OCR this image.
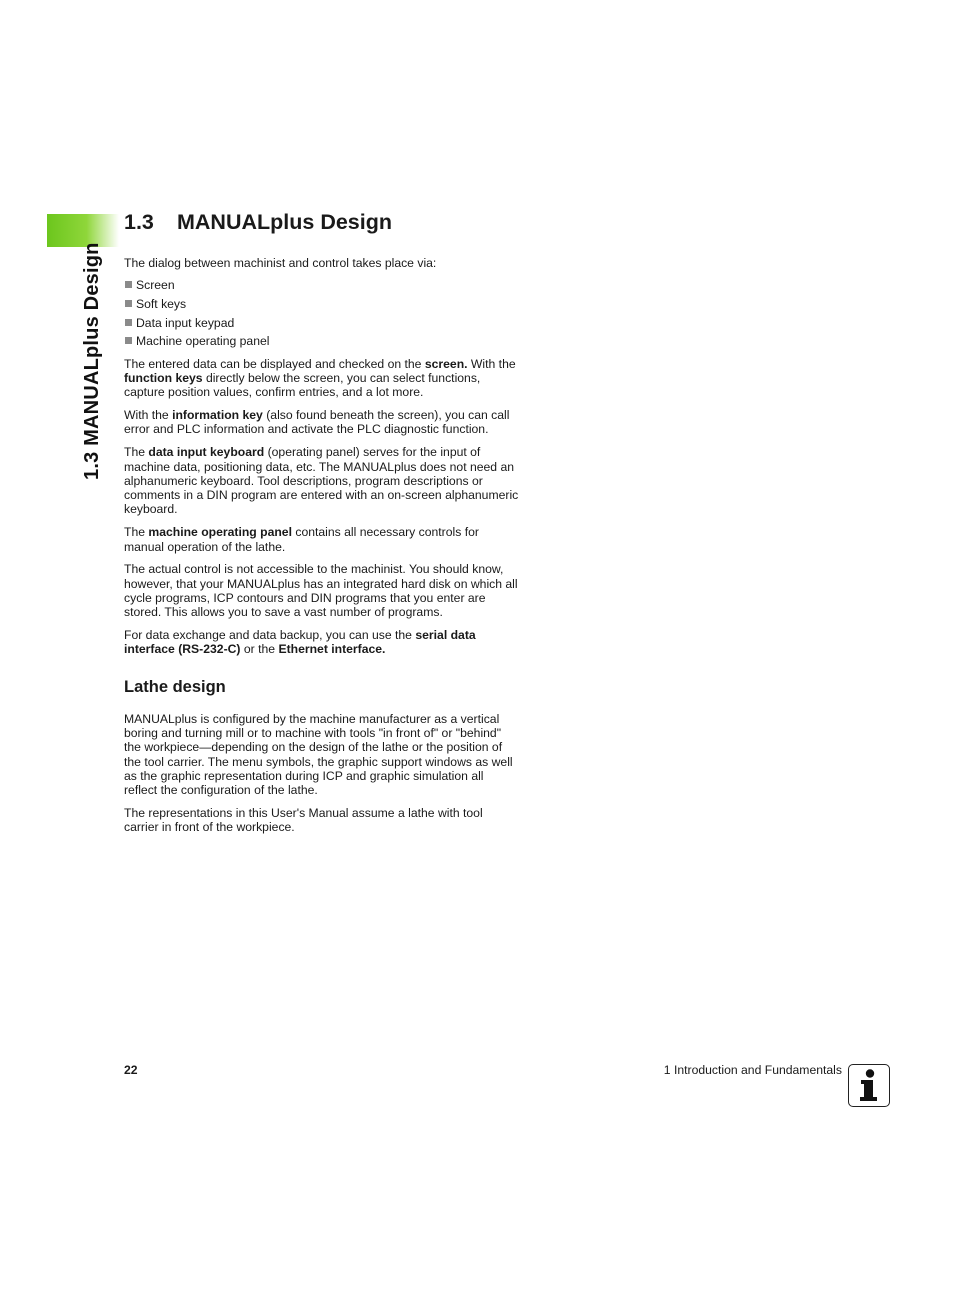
1.3 MANUALplus Design
1.3 MANUALplus Design

The dialog between machinist and control takes place via:

Screen
Soft keys
Data input keypad
Machine operating panel

The entered data can be displayed and checked on the screen. With the function keys directly below the screen, you can select functions, capture position values, confirm entries, and a lot more.

With the information key (also found beneath the screen), you can call error and PLC information and activate the PLC diagnostic function.

The data input keyboard (operating panel) serves for the input of machine data, positioning data, etc. The MANUALplus does not need an alphanumeric keyboard. Tool descriptions, program descriptions or comments in a DIN program are entered with an on-screen alphanumeric keyboard.

The machine operating panel contains all necessary controls for manual operation of the lathe.

The actual control is not accessible to the machinist. You should know, however, that your MANUALplus has an integrated hard disk on which all cycle programs, ICP contours and DIN programs that you enter are stored. This allows you to save a vast number of programs.

For data exchange and data backup, you can use the serial data interface (RS-232-C) or the Ethernet interface.

Lathe design

MANUALplus is configured by the machine manufacturer as a vertical boring and turning mill or to machine with tools "in front of" or "behind" the workpiece—depending on the design of the lathe or the position of the tool carrier. The menu symbols, the graphic support windows as well as the graphic representation during ICP and graphic simulation all reflect the configuration of the lathe.

The representations in this User's Manual assume a lathe with tool carrier in front of the workpiece.

22	1 Introduction and Fundamentals
